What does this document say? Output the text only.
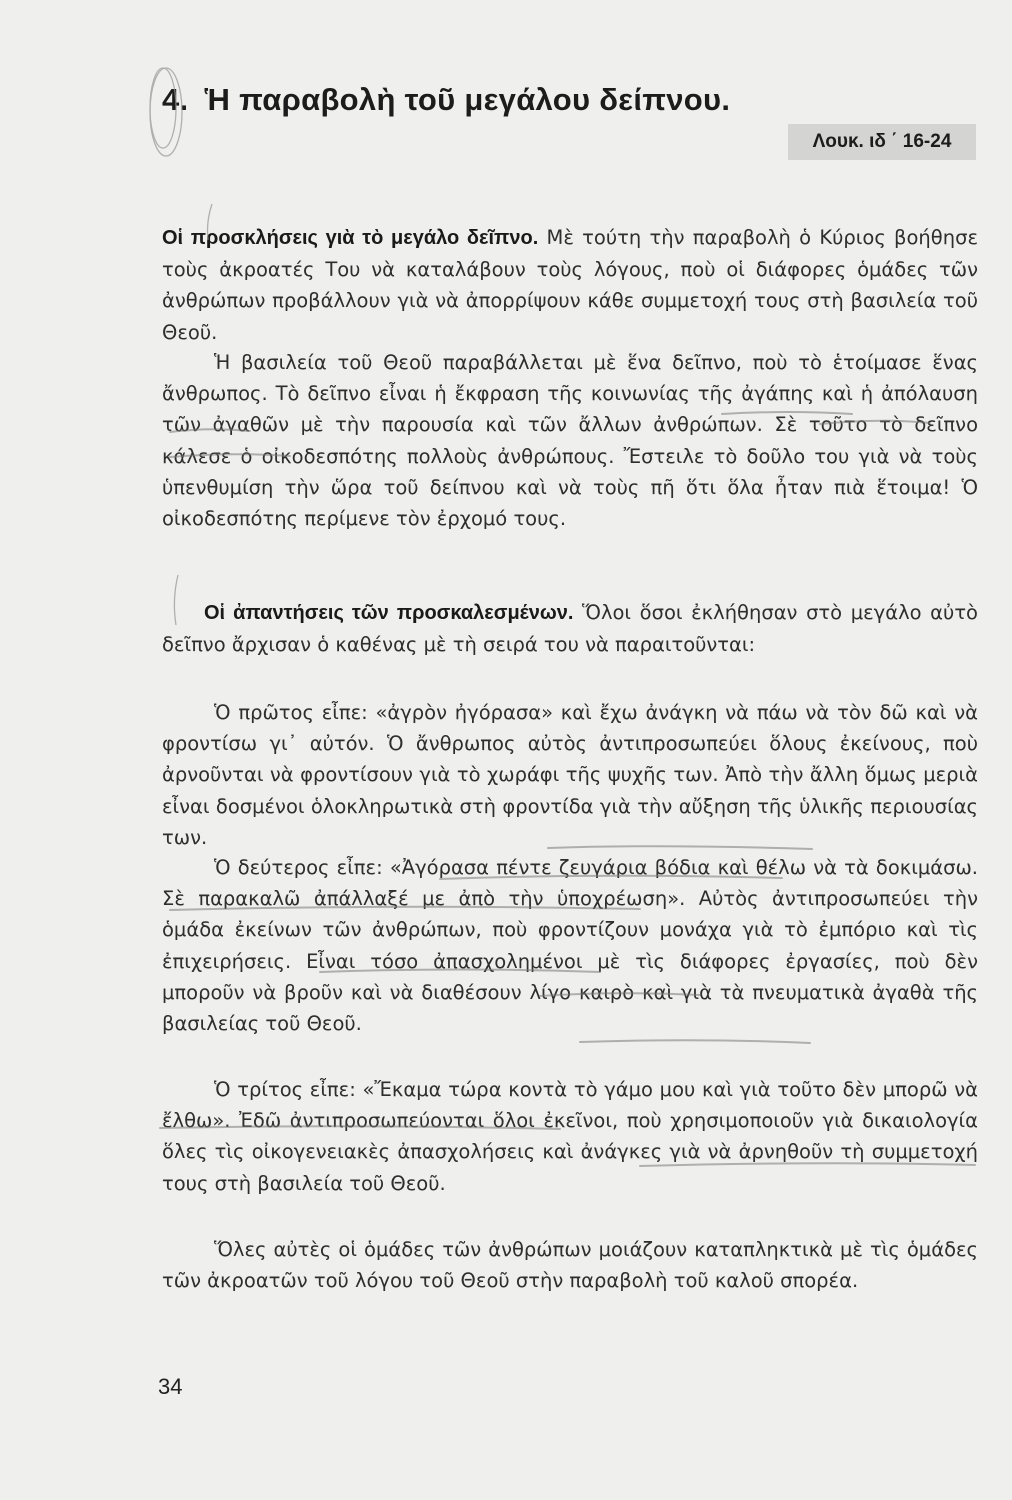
4. Ἡ παραβολὴ τοῦ μεγάλου δείπνου.
Λουκ. ιδ ΄ 16-24

Οἱ προσκλήσεις γιὰ τὸ μεγάλο δεῖπνο. Μὲ τούτη τὴν παραβολὴ ὁ Κύριος βοήθησε τοὺς ἀκροατές Του νὰ καταλάβουν τοὺς λόγους, ποὺ οἱ διάφορες ὁμάδες τῶν ἀνθρώπων προβάλλουν γιὰ νὰ ἀπορρίψουν κάθε συμμετοχή τους στὴ βασιλεία τοῦ Θεοῦ.

Ἡ βασιλεία τοῦ Θεοῦ παραβάλλεται μὲ ἕνα δεῖπνο, ποὺ τὸ ἑτοίμασε ἕνας ἄνθρωπος. Τὸ δεῖπνο εἶναι ἡ ἔκφραση τῆς κοινωνίας τῆς ἀγάπης καὶ ἡ ἀπόλαυση τῶν ἀγαθῶν μὲ τὴν παρουσία καὶ τῶν ἄλλων ἀνθρώπων. Σὲ τοῦτο τὸ δεῖπνο κάλεσε ὁ οἰκοδεσπότης πολλοὺς ἀνθρώπους. Ἔστειλε τὸ δοῦλο του γιὰ νὰ τοὺς ὑπενθυμίση τὴν ὥρα τοῦ δείπνου καὶ νὰ τοὺς πῆ ὅτι ὅλα ἦταν πιὰ ἕτοιμα! Ὁ οἰκοδεσπότης περίμενε τὸν ἐρχομό τους.

Οἱ ἀπαντήσεις τῶν προσκαλεσμένων. Ὅλοι ὅσοι ἐκλήθησαν στὸ μεγάλο αὐτὸ δεῖπνο ἄρχισαν ὁ καθένας μὲ τὴ σειρά του νὰ παραιτοῦνται:

Ὁ πρῶτος εἶπε: «ἀγρὸν ἠγόρασα» καὶ ἔχω ἀνάγκη νὰ πάω νὰ τὸν δῶ καὶ νὰ φροντίσω γι᾽ αὐτόν. Ὁ ἄνθρωπος αὐτὸς ἀντιπροσωπεύει ὅλους ἐκείνους, ποὺ ἀρνοῦνται νὰ φροντίσουν γιὰ τὸ χωράφι τῆς ψυχῆς των. Ἀπὸ τὴν ἄλλη ὅμως μεριὰ εἶναι δοσμένοι ὁλοκληρωτικὰ στὴ φροντίδα γιὰ τὴν αὔξηση τῆς ὑλικῆς περιουσίας των.

Ὁ δεύτερος εἶπε: «Ἀγόρασα πέντε ζευγάρια βόδια καὶ θέλω νὰ τὰ δοκιμάσω. Σὲ παρακαλῶ ἀπάλλαξέ με ἀπὸ τὴν ὑποχρέωση». Αὐτὸς ἀντιπροσωπεύει τὴν ὁμάδα ἐκείνων τῶν ἀνθρώπων, ποὺ φροντίζουν μονάχα γιὰ τὸ ἐμπόριο καὶ τὶς ἐπιχειρήσεις. Εἶναι τόσο ἀπασχολημένοι μὲ τὶς διάφορες ἐργασίες, ποὺ δὲν μποροῦν νὰ βροῦν καὶ νὰ διαθέσουν λίγο καιρὸ καὶ γιὰ τὰ πνευματικὰ ἀγαθὰ τῆς βασιλείας τοῦ Θεοῦ.

Ὁ τρίτος εἶπε: «Ἔκαμα τώρα κοντὰ τὸ γάμο μου καὶ γιὰ τοῦτο δὲν μπορῶ νὰ ἔλθω». Ἐδῶ ἀντιπροσωπεύονται ὅλοι ἐκεῖνοι, ποὺ χρησιμοποιοῦν γιὰ δικαιολογία ὅλες τὶς οἰκογενειακὲς ἀπασχολήσεις καὶ ἀνάγκες γιὰ νὰ ἀρνηθοῦν τὴ συμμετοχή τους στὴ βασιλεία τοῦ Θεοῦ.

Ὅλες αὐτὲς οἱ ὁμάδες τῶν ἀνθρώπων μοιάζουν καταπληκτικὰ μὲ τὶς ὁμάδες τῶν ἀκροατῶν τοῦ λόγου τοῦ Θεοῦ στὴν παραβολὴ τοῦ καλοῦ σπορέα.

34
